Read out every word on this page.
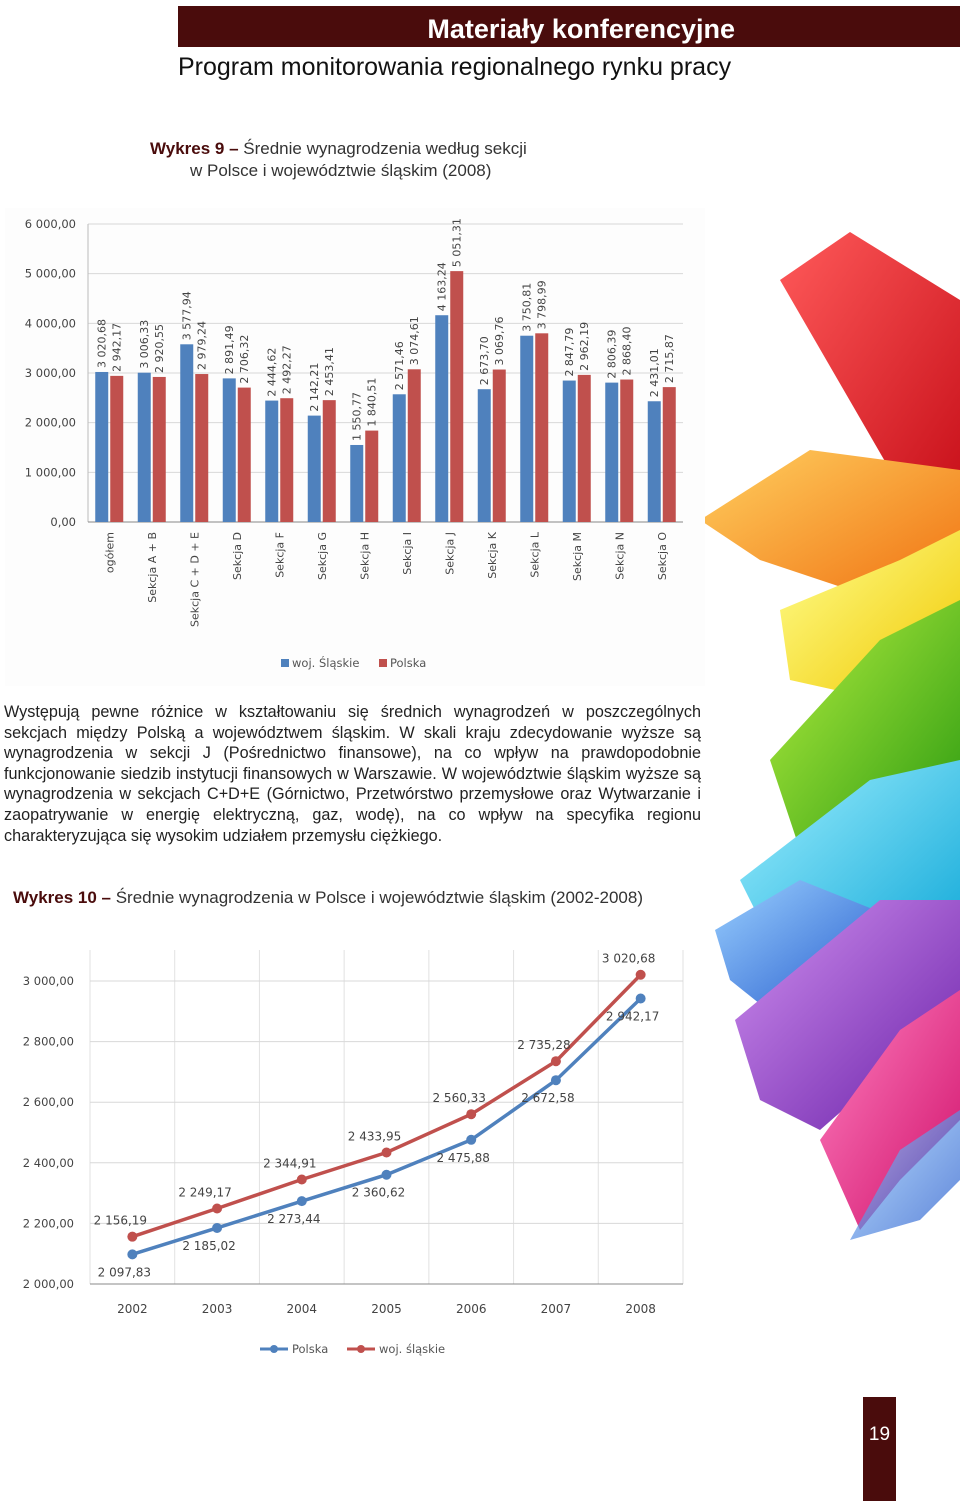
Materiały konferencyjne
Program monitorowania regionalnego rynku pracy
Wykres 9 – Średnie wynagrodzenia według sekcji
w Polsce i województwie śląskim (2008)
0,00
1 000,00
2 000,00
3 000,00
4 000,00
5 000,00
6 000,00
3 020,68 2 942,17
ogółem
3 006,33 2 920,55
Sekcja A + B
3 577,94
2 979,24
Sekcja C + D + E
2 891,49 2 706,32
Sekcja D
2 444,62 2 492,27
Sekcja F
2 142,21 2 453,41
Sekcja G
1 550,77 1 840,51
Sekcja H
2 571,46
3 074,61
Sekcja I
4 163,24
5 051,31
Sekcja J
2 673,70 3 069,76
Sekcja K
3 750,81 3 798,99
Sekcja L
2 847,79 2 962,19
Sekcja M
2 806,39 2 868,40
Sekcja N
2 431,01 2 715,87
Sekcja O
woj. Śląskie	Polska

Występują pewne różnice w kształtowaniu się średnich wynagrodzeń w poszczególnych sekcjach między Polską a województwem śląskim. W skali kraju zdecydowanie wyższe są wynagrodzenia w sekcji J (Pośrednictwo finansowe), na co wpływ na prawdopodobnie funkcjonowanie siedzib instytucji finansowych w Warszawie. W województwie śląskim wyższe są wynagrodzenia w sekcjach C+D+E (Górnictwo, Przetwórstwo przemysłowe oraz Wytwarzanie i zaopatrywanie w energię elektryczną, gaz, wodę), na co wpływ na specyfika regionu charakteryzująca się wysokim udziałem przemysłu ciężkiego.

Wykres 10 – Średnie wynagrodzenia w Polsce i województwie śląskim (2002-2008)
2 000,00
2 200,00
2 400,00
2 600,00
2 800,00
3 000,00
2002	2003	2004	2005	2006	2007	2008
2 097,83
2 185,02
2 273,44
2 360,62
2 475,88
2 672,58
2 942,17
2 156,19
2 249,17
2 344,91
2 433,95
2 560,33
2 735,28
3 020,68
Polska	woj. śląskie
19
